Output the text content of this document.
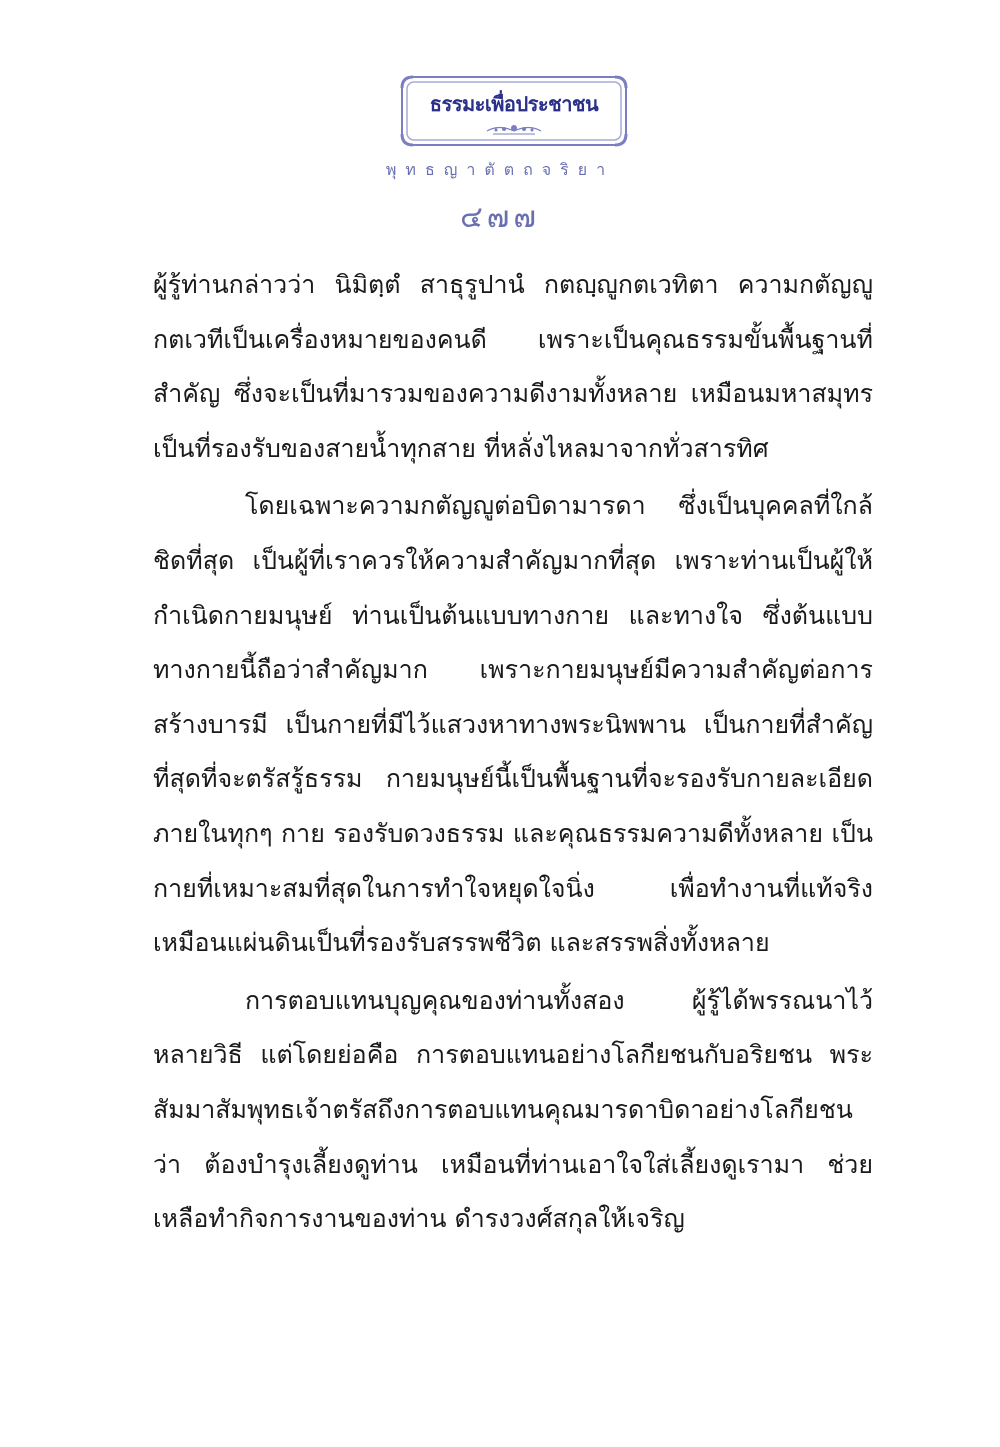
ธรรมะเพื่อประชาชน
พุทธญาตัตถจริยา
๔๗๗

ผู้รู้ท่านกล่าวว่า นิมิตฺตํ สาธุรูปานํ กตญฺญูกตเวทิตา ความกตัญญูกตเวทีเป็นเครื่องหมายของคนดี เพราะเป็นคุณธรรมขั้นพื้นฐานที่สำคัญ ซึ่งจะเป็นที่มารวมของความดีงามทั้งหลาย เหมือนมหาสมุทรเป็นที่รองรับของสายน้ำทุกสาย ที่หลั่งไหลมาจากทั่วสารทิศ

โดยเฉพาะความกตัญญูต่อบิดามารดา ซึ่งเป็นบุคคลที่ใกล้ชิดที่สุด เป็นผู้ที่เราควรให้ความสำคัญมากที่สุด เพราะท่านเป็นผู้ให้กำเนิดกายมนุษย์ ท่านเป็นต้นแบบทางกาย และทางใจ ซึ่งต้นแบบทางกายนี้ถือว่าสำคัญมาก เพราะกายมนุษย์มีความสำคัญต่อการสร้างบารมี เป็นกายที่มีไว้แสวงหาทางพระนิพพาน เป็นกายที่สำคัญที่สุดที่จะตรัสรู้ธรรม กายมนุษย์นี้เป็นพื้นฐานที่จะรองรับกายละเอียดภายในทุกๆ กาย รองรับดวงธรรม และคุณธรรมความดีทั้งหลาย เป็นกายที่เหมาะสมที่สุดในการทำใจหยุดใจนิ่ง เพื่อทำงานที่แท้จริง เหมือนแผ่นดินเป็นที่รองรับสรรพชีวิต และสรรพสิ่งทั้งหลาย

การตอบแทนบุญคุณของท่านทั้งสอง ผู้รู้ได้พรรณนาไว้หลายวิธี แต่โดยย่อคือ การตอบแทนอย่างโลกียชนกับอริยชน พระสัมมาสัมพุทธเจ้าตรัสถึงการตอบแทนคุณมารดาบิดาอย่างโลกียชนว่า ต้องบำรุงเลี้ยงดูท่าน เหมือนที่ท่านเอาใจใส่เลี้ยงดูเรามา ช่วยเหลือทำกิจการงานของท่าน ดำรงวงศ์สกุลให้เจริญ
